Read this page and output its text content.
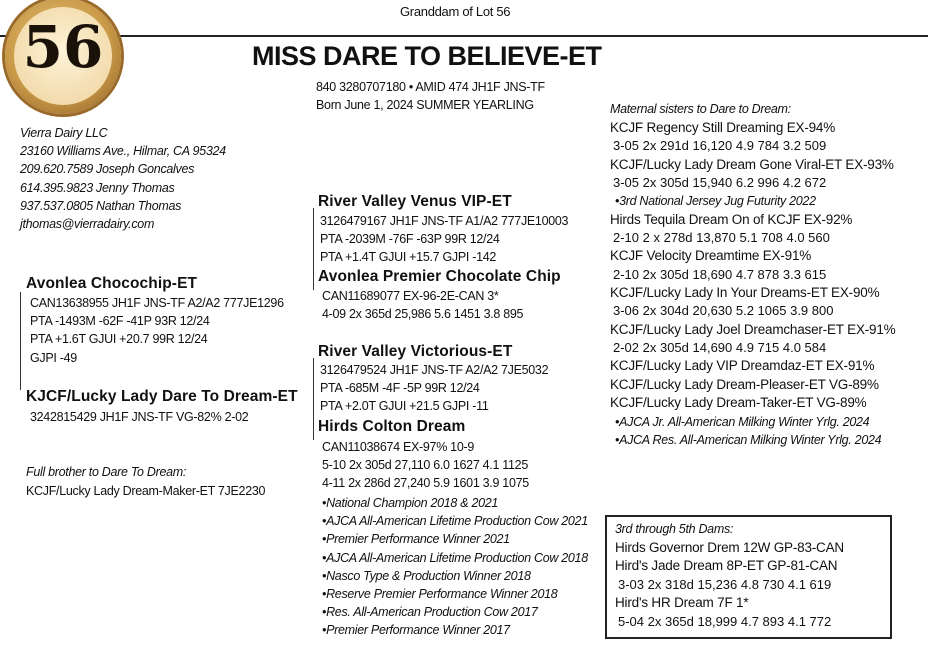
Granddam of Lot 56
56	MISS DARE TO BELIEVE-ET
840 3280707180 • AMID 474 JH1F JNS-TF
Born June 1, 2024 SUMMER YEARLING
Vierra Dairy LLC
23160 Williams Ave., Hilmar, CA 95324
209.620.7589 Joseph Goncalves
614.395.9823 Jenny Thomas
937.537.0805 Nathan Thomas
jthomas@vierradairy.com
Avonlea Chocochip-ET
CAN13638955 JH1F JNS-TF A2/A2 777JE1296
PTA -1493M -62F -41P 93R 12/24
PTA +1.6T GJUI +20.7 99R 12/24
GJPI -49
KJCF/Lucky Lady Dare To Dream-ET
3242815429 JH1F JNS-TF VG-82% 2-02
Full brother to Dare To Dream:
KCJF/Lucky Lady Dream-Maker-ET 7JE2230
River Valley Venus VIP-ET
3126479167 JH1F JNS-TF A1/A2 777JE10003
PTA -2039M -76F -63P 99R 12/24
PTA +1.4T GJUI +15.7 GJPI -142
Avonlea Premier Chocolate Chip
CAN11689077 EX-96-2E-CAN 3*
4-09 2x 365d 25,986 5.6 1451 3.8 895
River Valley Victorious-ET
3126479524 JH1F JNS-TF A2/A2 7JE5032
PTA -685M -4F -5P 99R 12/24
PTA +2.0T GJUI +21.5 GJPI -11
Hirds Colton Dream
CAN11038674 EX-97% 10-9
5-10 2x 305d 27,110 6.0 1627 4.1 1125
4-11 2x 286d 27,240 5.9 1601 3.9 1075
•National Champion 2018 & 2021
•AJCA All-American Lifetime Production Cow 2021
•Premier Performance Winner 2021
•AJCA All-American Lifetime Production Cow 2018
•Nasco Type & Production Winner 2018
•Reserve Premier Performance Winner 2018
•Res. All-American Production Cow 2017
•Premier Performance Winner 2017
Maternal sisters to Dare to Dream:
KCJF Regency Still Dreaming EX-94%
3-05 2x 291d 16,120 4.9 784 3.2 509
KCJF/Lucky Lady Dream Gone Viral-ET EX-93%
3-05 2x 305d 15,940 6.2 996 4.2 672
•3rd National Jersey Jug Futurity 2022
Hirds Tequila Dream On of KCJF EX-92%
2-10 2 x 278d 13,870 5.1 708 4.0 560
KCJF Velocity Dreamtime EX-91%
2-10 2x 305d 18,690 4.7 878 3.3 615
KCJF/Lucky Lady In Your Dreams-ET EX-90%
3-06 2x 304d 20,630 5.2 1065 3.9 800
KCJF/Lucky Lady Joel Dreamchaser-ET EX-91%
2-02 2x 305d 14,690 4.9 715 4.0 584
KCJF/Lucky Lady VIP Dreamdaz-ET EX-91%
KCJF/Lucky Lady Dream-Pleaser-ET VG-89%
KCJF/Lucky Lady Dream-Taker-ET VG-89%
•AJCA Jr. All-American Milking Winter Yrlg. 2024
•AJCA Res. All-American Milking Winter Yrlg. 2024
3rd through 5th Dams:
Hirds Governor Drem 12W GP-83-CAN
Hird's Jade Dream 8P-ET GP-81-CAN
3-03 2x 318d 15,236 4.8 730 4.1 619
Hird's HR Dream 7F 1*
5-04 2x 365d 18,999 4.7 893 4.1 772
